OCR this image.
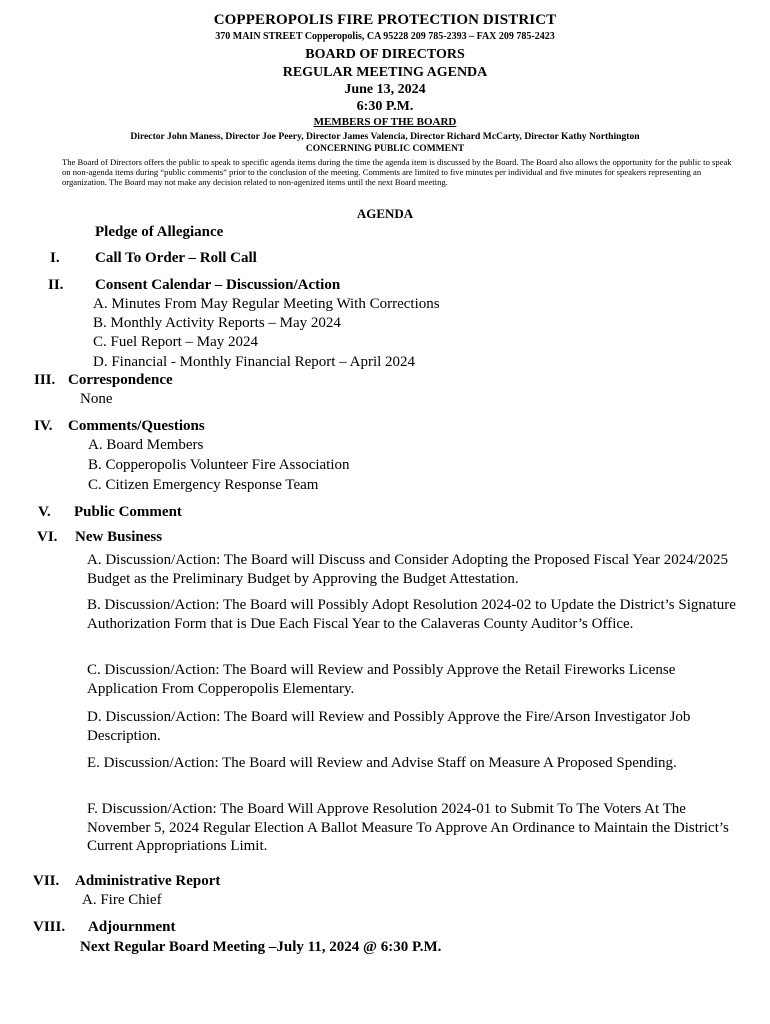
COPPEROPOLIS FIRE PROTECTION DISTRICT
370 MAIN STREET Copperopolis, CA 95228 209 785-2393 – FAX 209 785-2423
BOARD OF DIRECTORS
REGULAR MEETING AGENDA
June 13, 2024
6:30 P.M.
MEMBERS OF THE BOARD
Director John Maness, Director Joe Peery, Director James Valencia, Director Richard McCarty, Director Kathy Northington
CONCERNING PUBLIC COMMENT
The Board of Directors offers the public to speak to specific agenda items during the time the agenda item is discussed by the Board. The Board also allows the opportunity for the public to speak on non-agenda items during “public comments” prior to the conclusion of the meeting. Comments are limited to five minutes per individual and five minutes for speakers representing an organization. The Board may not make any decision related to non-agenized items until the next Board meeting.
AGENDA
Pledge of Allegiance
I. Call To Order – Roll Call
II. Consent Calendar – Discussion/Action
A. Minutes From May Regular Meeting With Corrections
B. Monthly Activity Reports – May 2024
C. Fuel Report – May 2024
D. Financial - Monthly Financial Report – April 2024
III. Correspondence
None
IV. Comments/Questions
A. Board Members
B. Copperopolis Volunteer Fire Association
C. Citizen Emergency Response Team
V. Public Comment
VI. New Business
A. Discussion/Action: The Board will Discuss and Consider Adopting the Proposed Fiscal Year 2024/2025 Budget as the Preliminary Budget by Approving the Budget Attestation.
B. Discussion/Action: The Board will Possibly Adopt Resolution 2024-02 to Update the District’s Signature Authorization Form that is Due Each Fiscal Year to the Calaveras County Auditor’s Office.
C. Discussion/Action: The Board will Review and Possibly Approve the Retail Fireworks License Application From Copperopolis Elementary.
D. Discussion/Action: The Board will Review and Possibly Approve the Fire/Arson Investigator Job Description.
E. Discussion/Action: The Board will Review and Advise Staff on Measure A Proposed Spending.
F. Discussion/Action: The Board Will Approve Resolution 2024-01 to Submit To The Voters At The November 5, 2024 Regular Election A Ballot Measure To Approve An Ordinance to Maintain the District’s Current Appropriations Limit.
VII. Administrative Report
A. Fire Chief
VIII. Adjournment
Next Regular Board Meeting –July 11, 2024 @ 6:30 P.M.
